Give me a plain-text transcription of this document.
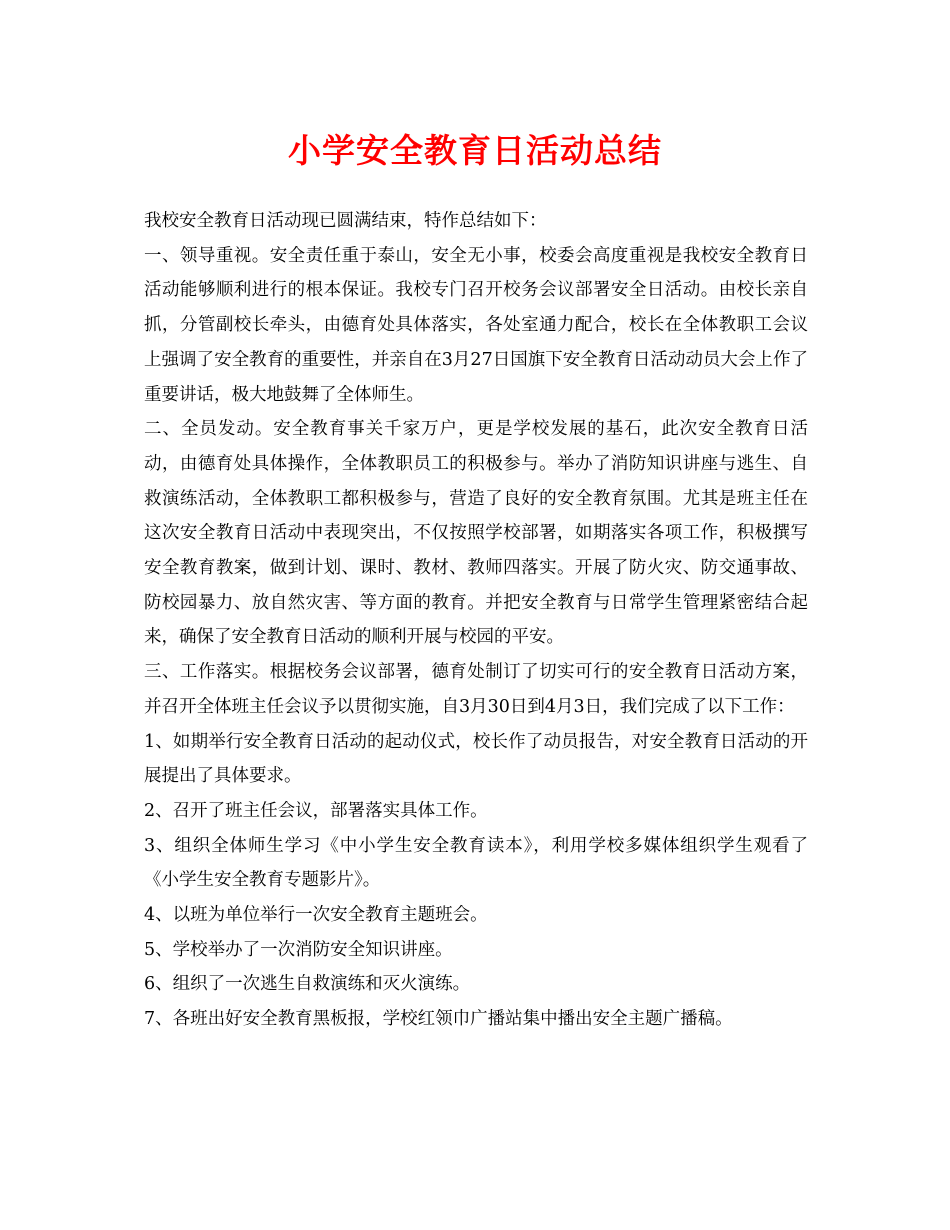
小学安全教育日活动总结

我校安全教育日活动现已圆满结束，特作总结如下：

一、领导重视。安全责任重于泰山，安全无小事，校委会高度重视是我校安全教育日活动能够顺利进行的根本保证。我校专门召开校务会议部署安全日活动。由校长亲自抓，分管副校长牵头，由德育处具体落实，各处室通力配合，校长在全体教职工会议上强调了安全教育的重要性，并亲自在3月27日国旗下安全教育日活动动员大会上作了重要讲话，极大地鼓舞了全体师生。

二、全员发动。安全教育事关千家万户，更是学校发展的基石，此次安全教育日活动，由德育处具体操作，全体教职员工的积极参与。举办了消防知识讲座与逃生、自救演练活动，全体教职工都积极参与，营造了良好的安全教育氛围。尤其是班主任在这次安全教育日活动中表现突出，不仅按照学校部署，如期落实各项工作，积极撰写安全教育教案，做到计划、课时、教材、教师四落实。开展了防火灾、防交通事故、防校园暴力、放自然灾害、等方面的教育。并把安全教育与日常学生管理紧密结合起来，确保了安全教育日活动的顺利开展与校园的平安。

三、工作落实。根据校务会议部署，德育处制订了切实可行的安全教育日活动方案，并召开全体班主任会议予以贯彻实施，自3月30日到4月3日，我们完成了以下工作：

1、如期举行安全教育日活动的起动仪式，校长作了动员报告，对安全教育日活动的开展提出了具体要求。

2、召开了班主任会议，部署落实具体工作。

3、组织全体师生学习《中小学生安全教育读本》，利用学校多媒体组织学生观看了《小学生安全教育专题影片》。

4、以班为单位举行一次安全教育主题班会。

5、学校举办了一次消防安全知识讲座。

6、组织了一次逃生自救演练和灭火演练。

7、各班出好安全教育黑板报，学校红领巾广播站集中播出安全主题广播稿。
